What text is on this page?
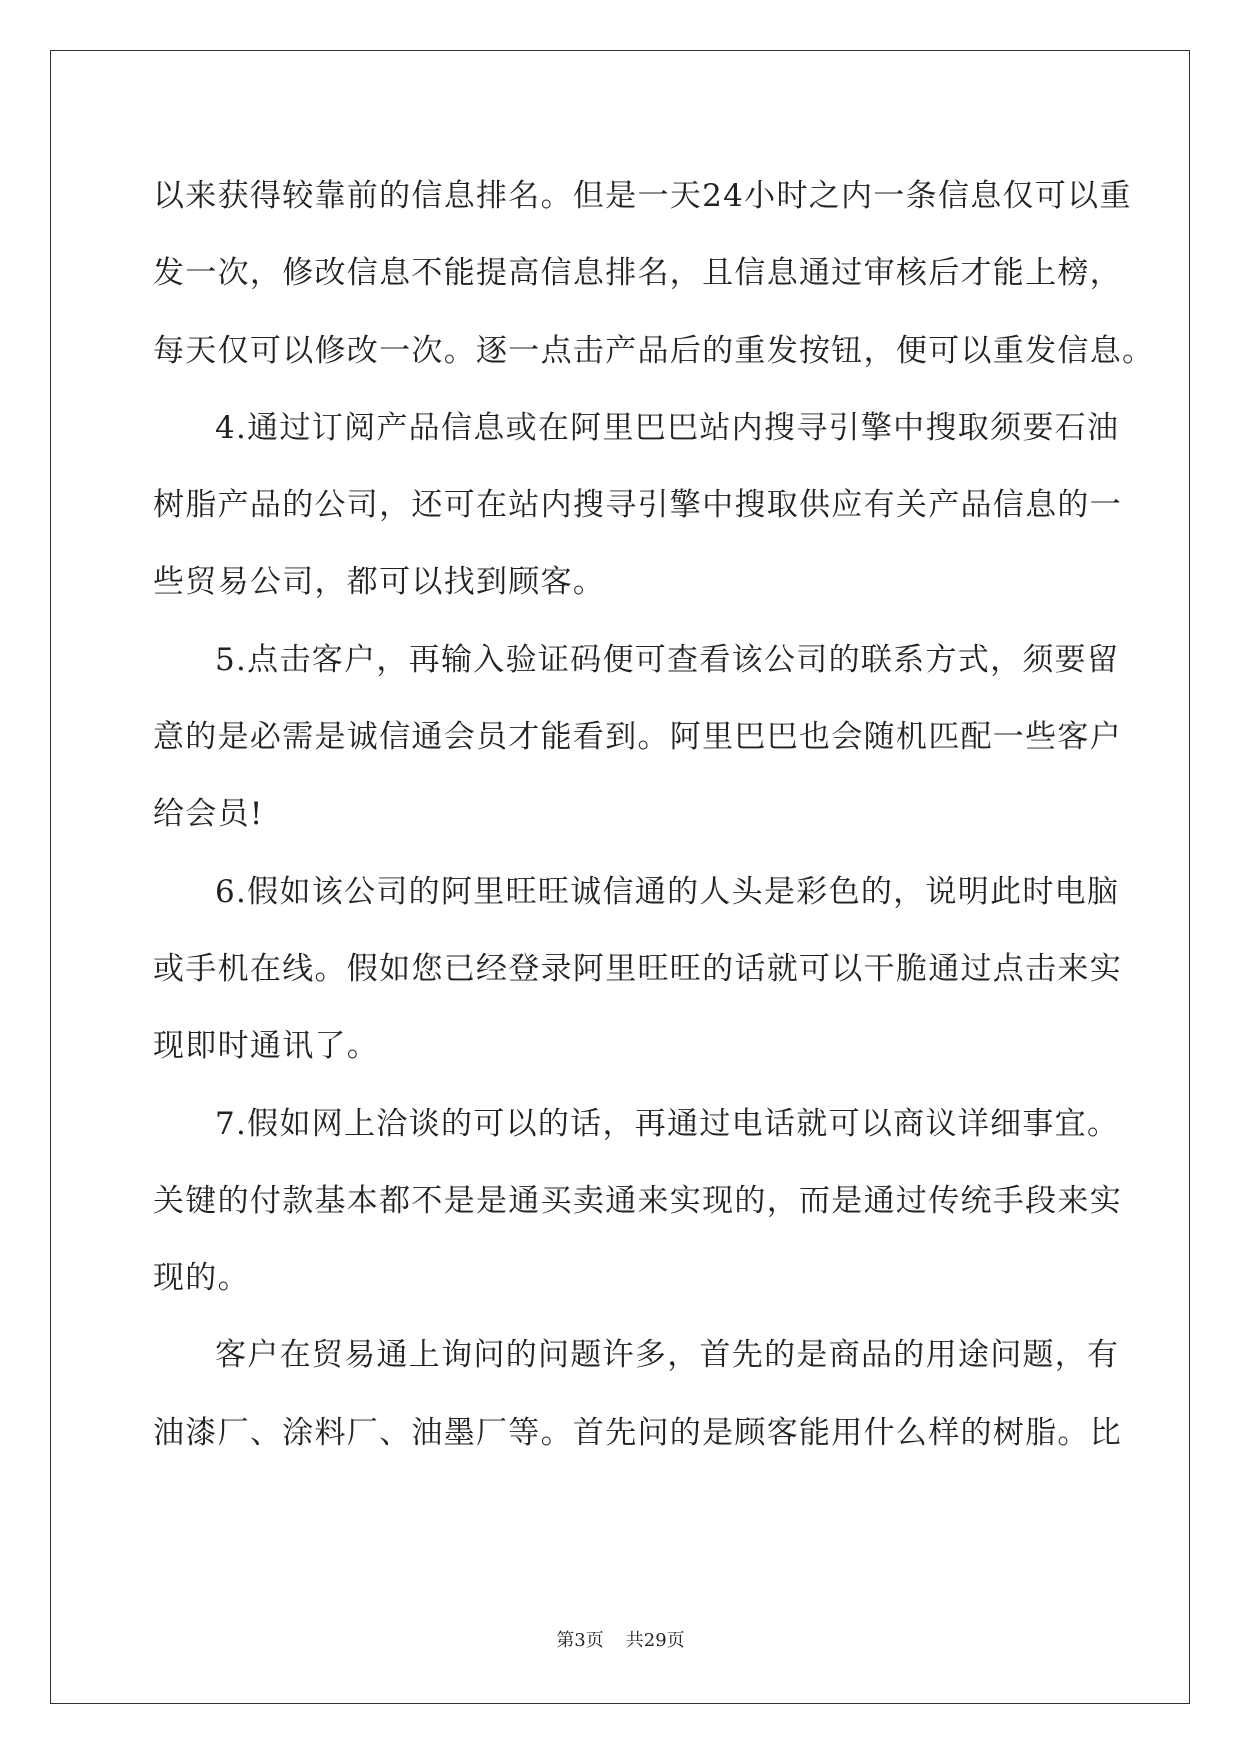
以来获得较靠前的信息排名。但是一天24小时之内一条信息仅可以重
发一次，修改信息不能提高信息排名，且信息通过审核后才能上榜，
每天仅可以修改一次。逐一点击产品后的重发按钮，便可以重发信息。
4.通过订阅产品信息或在阿里巴巴站内搜寻引擎中搜取须要石油
树脂产品的公司，还可在站内搜寻引擎中搜取供应有关产品信息的一
些贸易公司，都可以找到顾客。
5.点击客户，再输入验证码便可查看该公司的联系方式，须要留
意的是必需是诚信通会员才能看到。阿里巴巴也会随机匹配一些客户
给会员!
6.假如该公司的阿里旺旺诚信通的人头是彩色的，说明此时电脑
或手机在线。假如您已经登录阿里旺旺的话就可以干脆通过点击来实
现即时通讯了。
7.假如网上洽谈的可以的话，再通过电话就可以商议详细事宜。
关键的付款基本都不是是通买卖通来实现的，而是通过传统手段来实
现的。
客户在贸易通上询问的问题许多，首先的是商品的用途问题，有
油漆厂、涂料厂、油墨厂等。首先问的是顾客能用什么样的树脂。比
第3页 共29页
